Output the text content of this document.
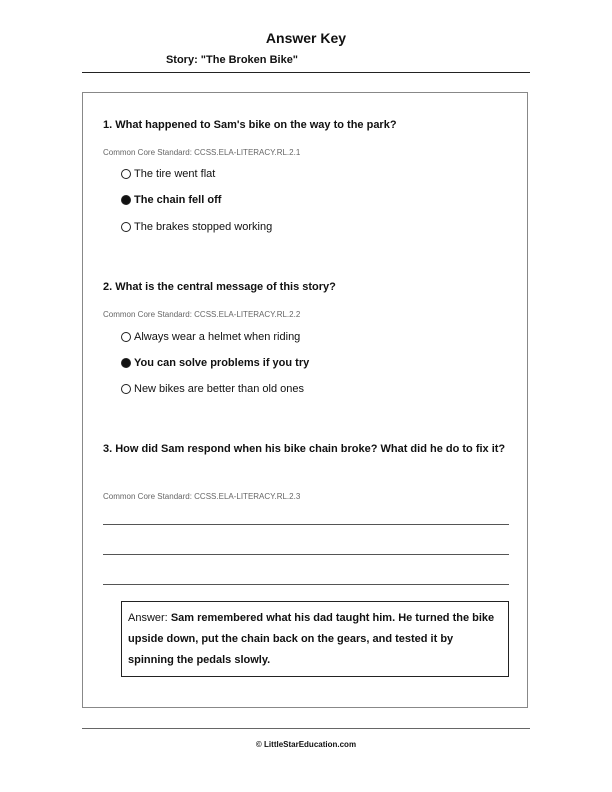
Answer Key
Story: "The Broken Bike"
1. What happened to Sam's bike on the way to the park?
Common Core Standard: CCSS.ELA-LITERACY.RL.2.1
The tire went flat
The chain fell off
The brakes stopped working
2. What is the central message of this story?
Common Core Standard: CCSS.ELA-LITERACY.RL.2.2
Always wear a helmet when riding
You can solve problems if you try
New bikes are better than old ones
3. How did Sam respond when his bike chain broke? What did he do to fix it?
Common Core Standard: CCSS.ELA-LITERACY.RL.2.3
Answer: Sam remembered what his dad taught him. He turned the bike upside down, put the chain back on the gears, and tested it by spinning the pedals slowly.
© LittleStarEducation.com
